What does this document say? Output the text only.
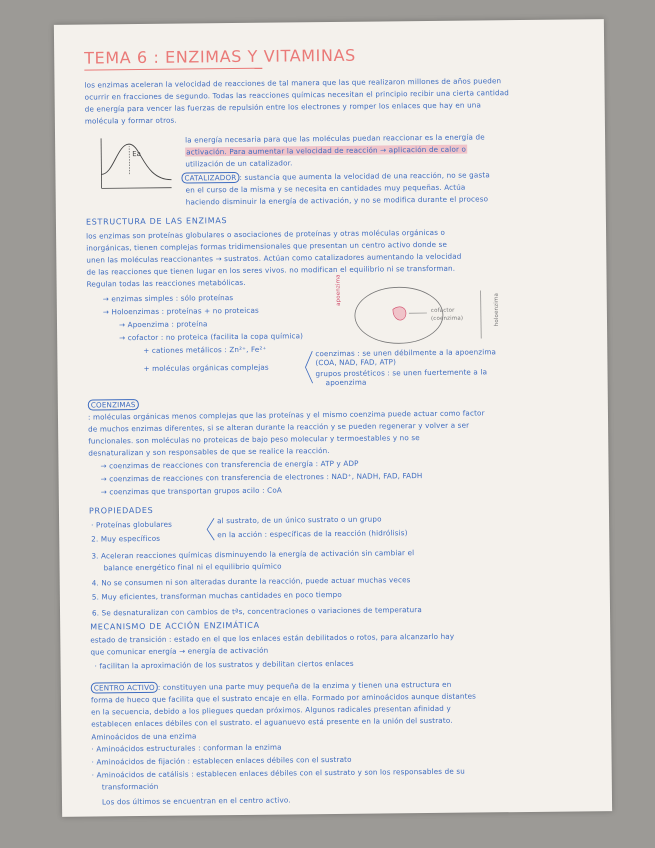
TEMA 6 : ENZIMAS Y VITAMINAS
los enzimas aceleran la velocidad de reacciones de tal manera que las que realizaron millones de años pueden
ocurrir en fracciones de segundo. Todas las reacciones químicas necesitan el principio recibir una cierta cantidad
de energía para vencer las fuerzas de repulsión entre los electrones y romper los enlaces que hay en una
molécula y formar otros.
Ea
la energía necesaria para que las moléculas puedan reaccionar es la energía de
activación. Para aumentar la velocidad de reacción → aplicación de calor o
utilización de un catalizador.
CATALIZADOR : sustancia que aumenta la velocidad de una reacción, no se gasta
en el curso de la misma y se necesita en cantidades muy pequeñas. Actúa
haciendo disminuir la energía de activación, y no se modifica durante el proceso
ESTRUCTURA DE LAS ENZIMAS
los enzimas son proteínas globulares o asociaciones de proteínas y otras moléculas orgánicas o
inorgánicas, tienen complejas formas tridimensionales que presentan un centro activo donde se
unen las moléculas reaccionantes → sustratos. Actúan como catalizadores aumentando la velocidad
de las reacciones que tienen lugar en los seres vivos. no modifican el equilibrio ni se transforman.
Regulan todas las reacciones metabólicas.
→ enzimas simples : sólo proteínas
→ Holoenzimas : proteínas + no proteicas
→ Apoenzima : proteína
→ cofactor : no proteica (facilita la copa química)
+ cationes metálicos : Zn²⁺, Fe²⁺
+ moléculas orgánicas complejas
apoenzima
cofactor
(coenzima)	holoenzima
coenzimas : se unen débilmente a la apoenzima
(COA, NAD, FAD, ATP)
grupos prostéticos : se unen fuertemente a la
apoenzima
COENZIMAS
: moléculas orgánicas menos complejas que las proteínas y el mismo coenzima puede actuar como factor
de muchos enzimas diferentes, si se alteran durante la reacción y se pueden regenerar y volver a ser
funcionales. son moléculas no proteicas de bajo peso molecular y termoestables y no se
desnaturalizan y son responsables de que se realice la reacción.
→ coenzimas de reacciones con transferencia de energía : ATP y ADP
→ coenzimas de reacciones con transferencia de electrones : NAD⁺, NADH, FAD, FADH
→ coenzimas que transportan grupos acilo : CoA
PROPIEDADES
· Proteínas globulares
2. Muy específicos
al sustrato, de un único sustrato o un grupo
en la acción : específicas de la reacción (hidrólisis)
3. Aceleran reacciones químicas disminuyendo la energía de activación sin cambiar el
balance energético final ni el equilibrio químico
4. No se consumen ni son alteradas durante la reacción, puede actuar muchas veces
5. Muy eficientes, transforman muchas cantidades en poco tiempo
6. Se desnaturalizan con cambios de tªs, concentraciones o variaciones de temperatura
MECANISMO DE ACCIÓN ENZIMÁTICA
estado de transición : estado en el que los enlaces están debilitados o rotos, para alcanzarlo hay
que comunicar energía → energía de activación
· facilitan la aproximación de los sustratos y debilitan ciertos enlaces
CENTRO ACTIVO : constituyen una parte muy pequeña de la enzima y tienen una estructura en
forma de hueco que facilita que el sustrato encaje en ella. Formado por aminoácidos aunque distantes
en la secuencia, debido a los pliegues quedan próximos. Algunos radicales presentan afinidad y
establecen enlaces débiles con el sustrato. el aguanuevo está presente en la unión del sustrato.
Aminoácidos de una enzima
· Aminoácidos estructurales : conforman la enzima
· Aminoácidos de fijación : establecen enlaces débiles con el sustrato
· Aminoácidos de catálisis : establecen enlaces débiles con el sustrato y son los responsables de su
transformación
Los dos últimos se encuentran en el centro activo.
